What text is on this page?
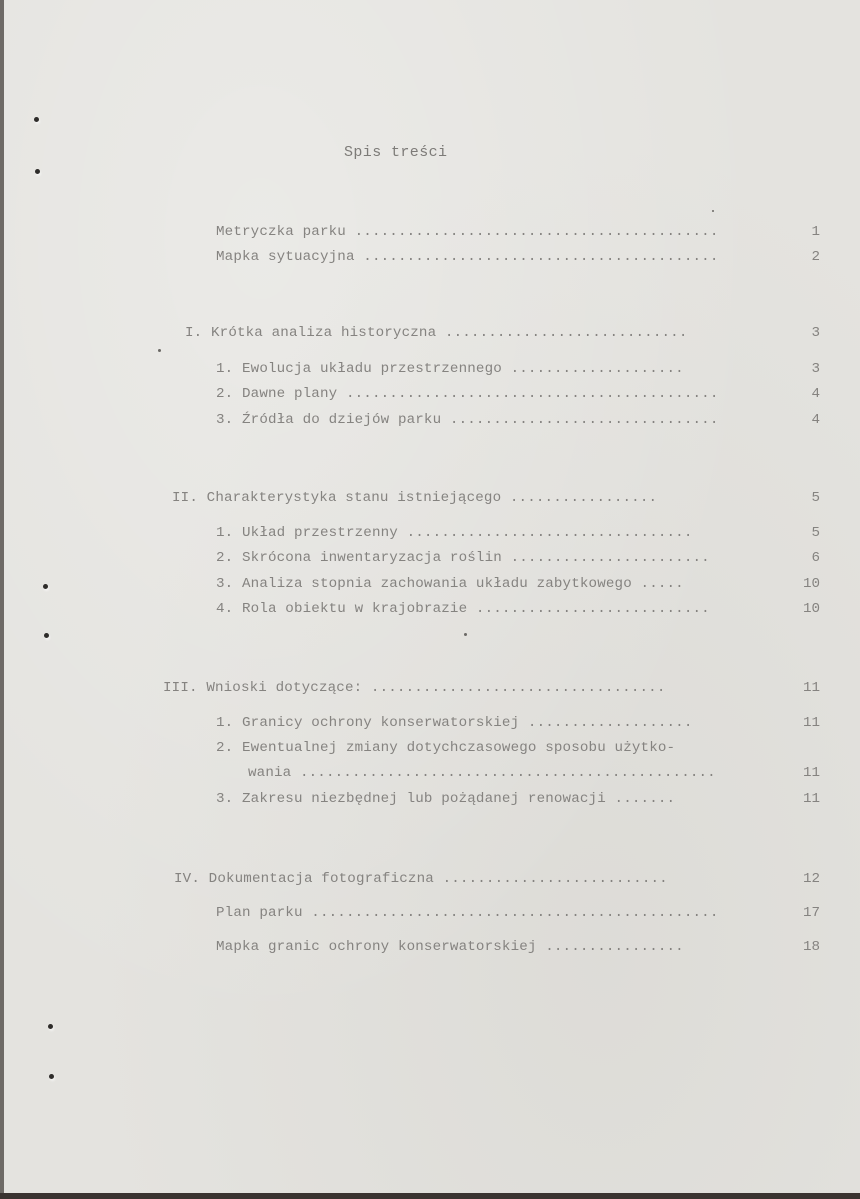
Spis treści
Metryczka parku ..........................................	1
Mapka sytuacyjna .........................................	2
I. Krótka analiza historyczna ............................	3
1. Ewolucja układu przestrzennego ....................	3
2. Dawne plany ...........................................	4
3. Źródła do dziejów parku ...............................	4
II. Charakterystyka stanu istniejącego .................	5
1. Układ przestrzenny .................................	5
2. Skrócona inwentaryzacja roślin .......................	6
3. Analiza stopnia zachowania układu zabytkowego .....	10
4. Rola obiektu w krajobrazie ...........................	10
III. Wnioski dotyczące: ..................................	11
1. Granicy ochrony konserwatorskiej ...................	11
2. Ewentualnej zmiany dotychczasowego sposobu użytko-
wania ................................................	11
3. Zakresu niezbędnej lub pożądanej renowacji .......	11
IV. Dokumentacja fotograficzna ..........................	12
Plan parku ...............................................	17
Mapka granic ochrony konserwatorskiej ................	18
